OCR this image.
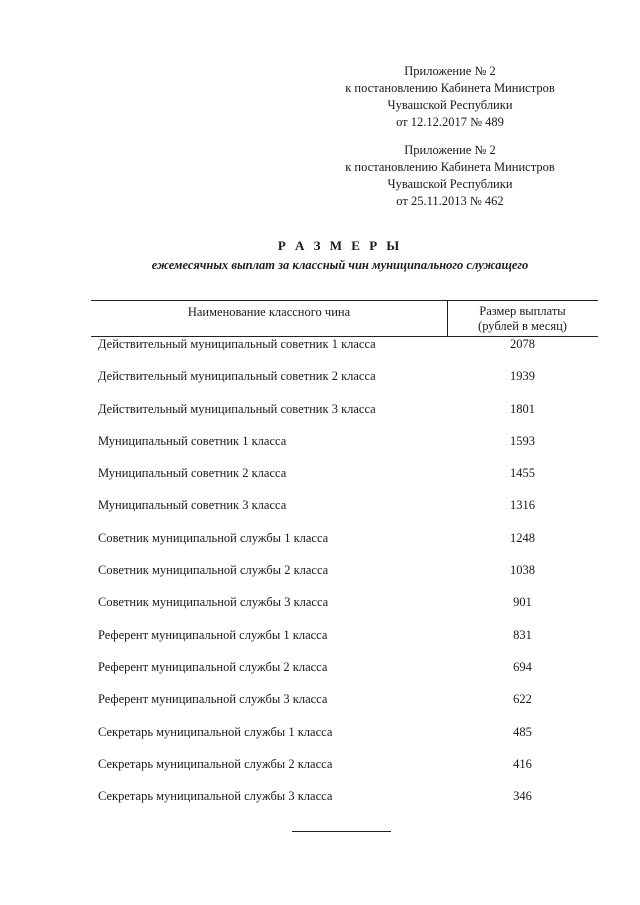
Приложение № 2
к постановлению Кабинета Министров
Чувашской Республики
от 12.12.2017 № 489
Приложение № 2
к постановлению Кабинета Министров
Чувашской Республики
от 25.11.2013 № 462
Р А З М Е Р Ы
ежемесячных выплат за классный чин муниципального служащего
Наименование классного чина	Размер выплаты
(рублей в месяц)
Действительный муниципальный советник 1 класса	2078
Действительный муниципальный советник 2 класса	1939
Действительный муниципальный советник 3 класса	1801
Муниципальный советник 1 класса	1593
Муниципальный советник 2 класса	1455
Муниципальный советник 3 класса	1316
Советник муниципальной службы 1 класса	1248
Советник муниципальной службы 2 класса	1038
Советник муниципальной службы 3 класса	901
Референт муниципальной службы 1 класса	831
Референт муниципальной службы 2 класса	694
Референт муниципальной службы 3 класса	622
Секретарь муниципальной службы 1 класса	485
Секретарь муниципальной службы 2 класса	416
Секретарь муниципальной службы 3 класса	346
